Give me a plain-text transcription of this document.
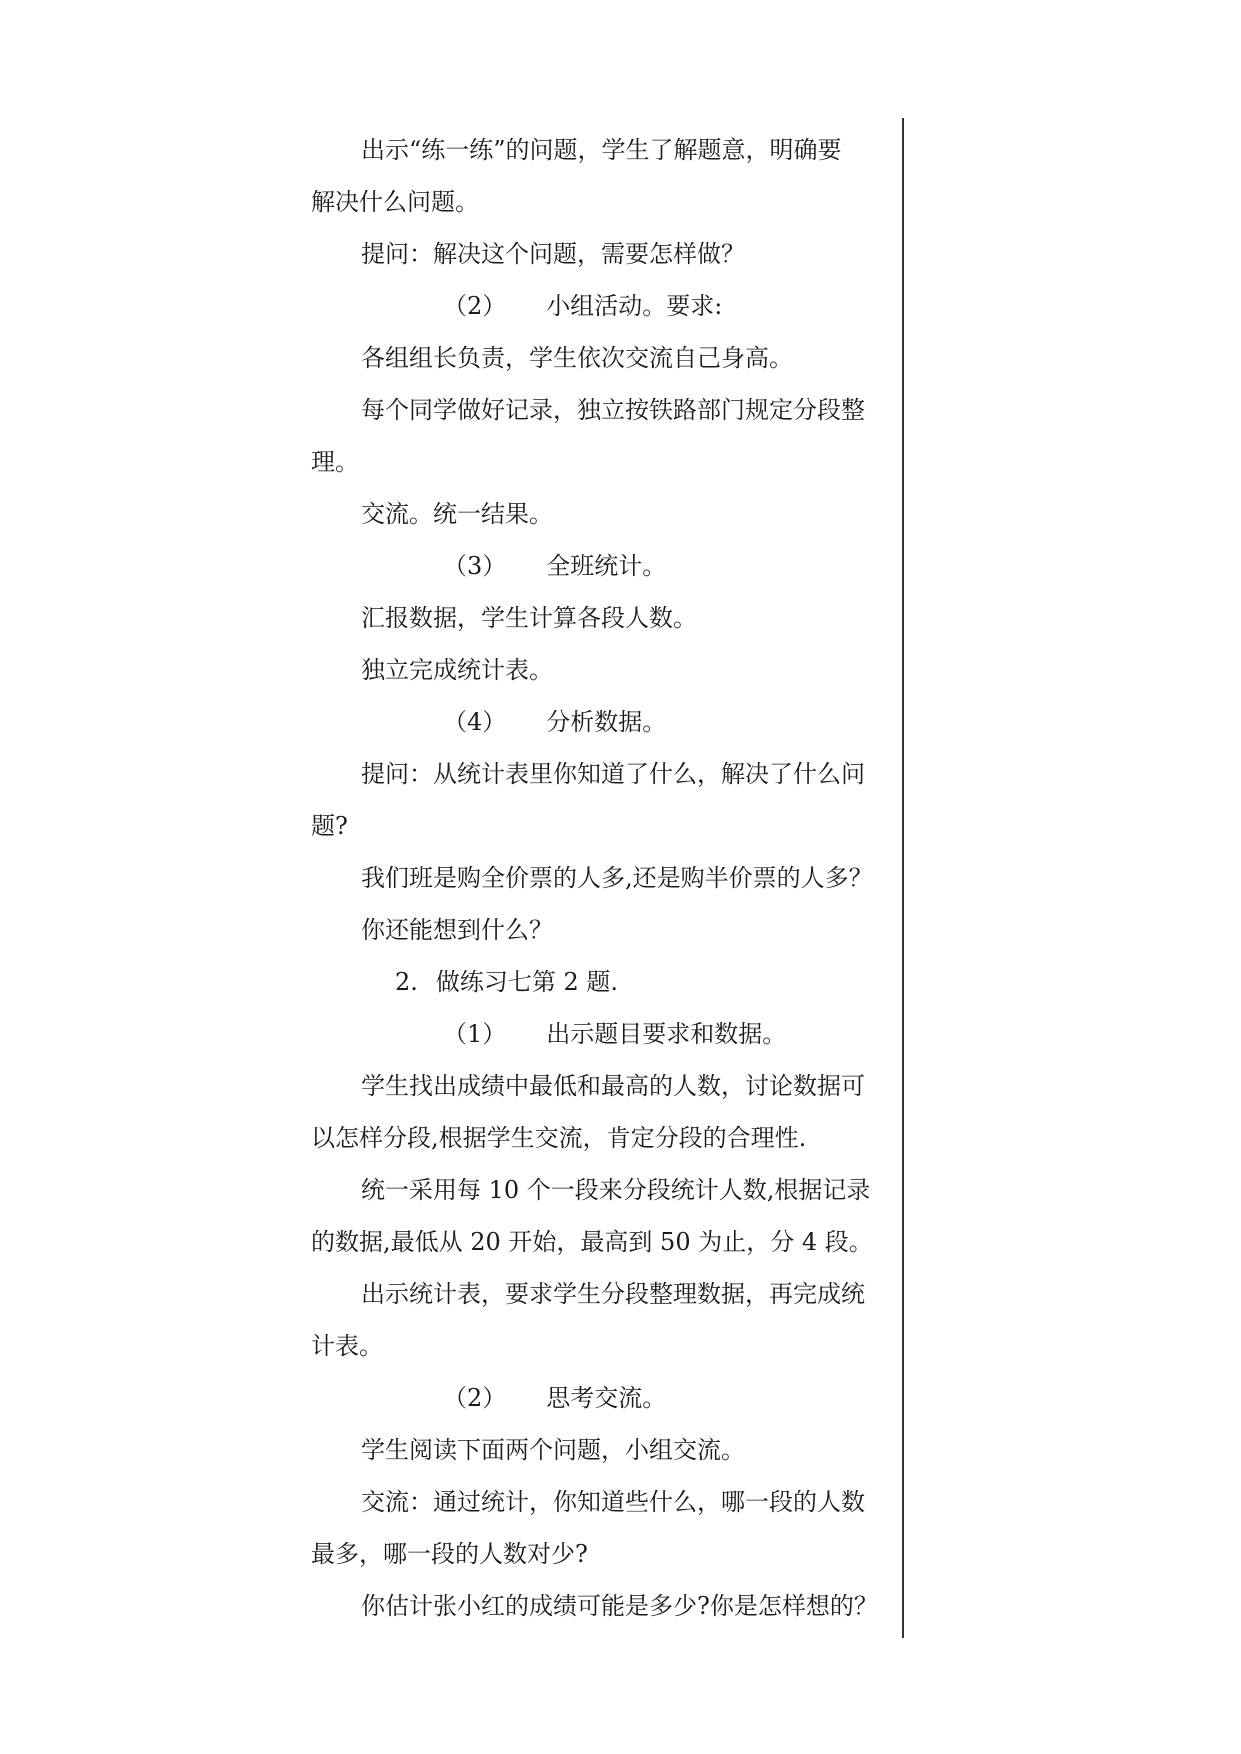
出示“练一练”的问题，学生了解题意，明确要
解决什么问题。
提问：解决这个问题，需要怎样做？
（2） 小组活动。要求:
各组组长负责，学生依次交流自己身高。
每个同学做好记录，独立按铁路部门规定分段整
理。
交流。统一结果。
（3） 全班统计。
汇报数据，学生计算各段人数。
独立完成统计表。
（4） 分析数据。
提问：从统计表里你知道了什么，解决了什么问
题?
我们班是购全价票的人多,还是购半价票的人多？
你还能想到什么？
2. 做练习七第 2 题.
（1） 出示题目要求和数据。
学生找出成绩中最低和最高的人数，讨论数据可
以怎样分段,根据学生交流，肯定分段的合理性.
统一采用每 10 个一段来分段统计人数,根据记录
的数据,最低从 20 开始，最高到 50 为止，分 4 段。
出示统计表，要求学生分段整理数据，再完成统
计表。
（2） 思考交流。
学生阅读下面两个问题，小组交流。
交流：通过统计，你知道些什么，哪一段的人数
最多，哪一段的人数对少?
你估计张小红的成绩可能是多少?你是怎样想的？
